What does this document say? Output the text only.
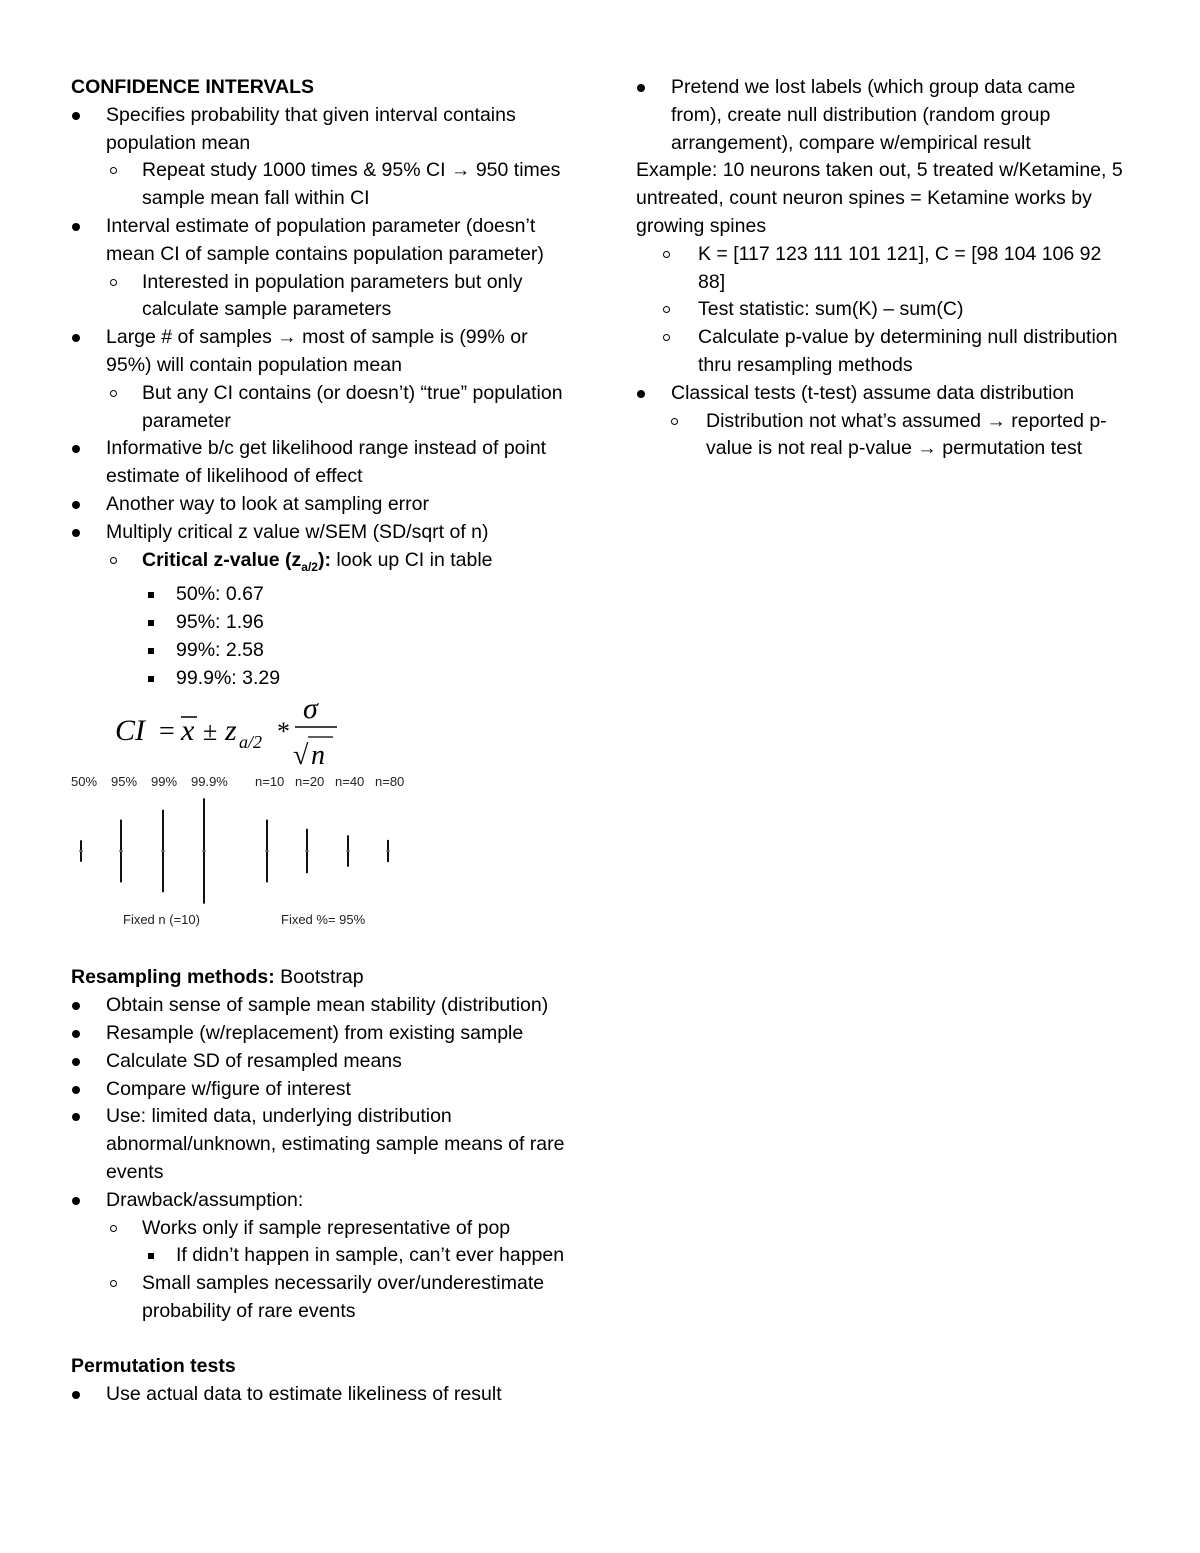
CONFIDENCE INTERVALS
Specifies probability that given interval contains population mean
Repeat study 1000 times & 95% CI → 950 times sample mean fall within CI
Interval estimate of population parameter (doesn’t mean CI of sample contains population parameter)
Interested in population parameters but only calculate sample parameters
Large # of samples → most of sample is (99% or 95%) will contain population mean
But any CI contains (or doesn’t) “true” population parameter
Informative b/c get likelihood range instead of point estimate of likelihood of effect
Another way to look at sampling error
Multiply critical z value w/SEM (SD/sqrt of n)
Critical z-value $(z_{a/2})$: look up CI in table
50%: 0.67
95%: 1.96
99%: 2.58
99.9%: 3.29
CI = x ± z a/2 *
σ
√ n
50% 95% 99% 99.9% n=10 n=20 n=40 n=80
Fixed n (=10)	Fixed %= 95%
Resampling methods: Bootstrap
Obtain sense of sample mean stability (distribution)
Resample (w/replacement) from existing sample
Calculate SD of resampled means
Compare w/figure of interest
Use: limited data, underlying distribution abnormal/unknown, estimating sample means of rare events
Drawback/assumption:
Works only if sample representative of pop
If didn’t happen in sample, can’t ever happen
Small samples necessarily over/underestimate probability of rare events
Permutation tests
Use actual data to estimate likeliness of result
Pretend we lost labels (which group data came from), create null distribution (random group arrangement), compare w/empirical result
Example: 10 neurons taken out, 5 treated w/Ketamine, 5 untreated, count neuron spines = Ketamine works by growing spines
K = [117 123 111 101 121], C = [98 104 106 92 88]
Test statistic: sum(K) – sum(C)
Calculate p-value by determining null distribution thru resampling methods
Classical tests (t-test) assume data distribution
Distribution not what’s assumed → reported p-value is not real p-value → permutation test
